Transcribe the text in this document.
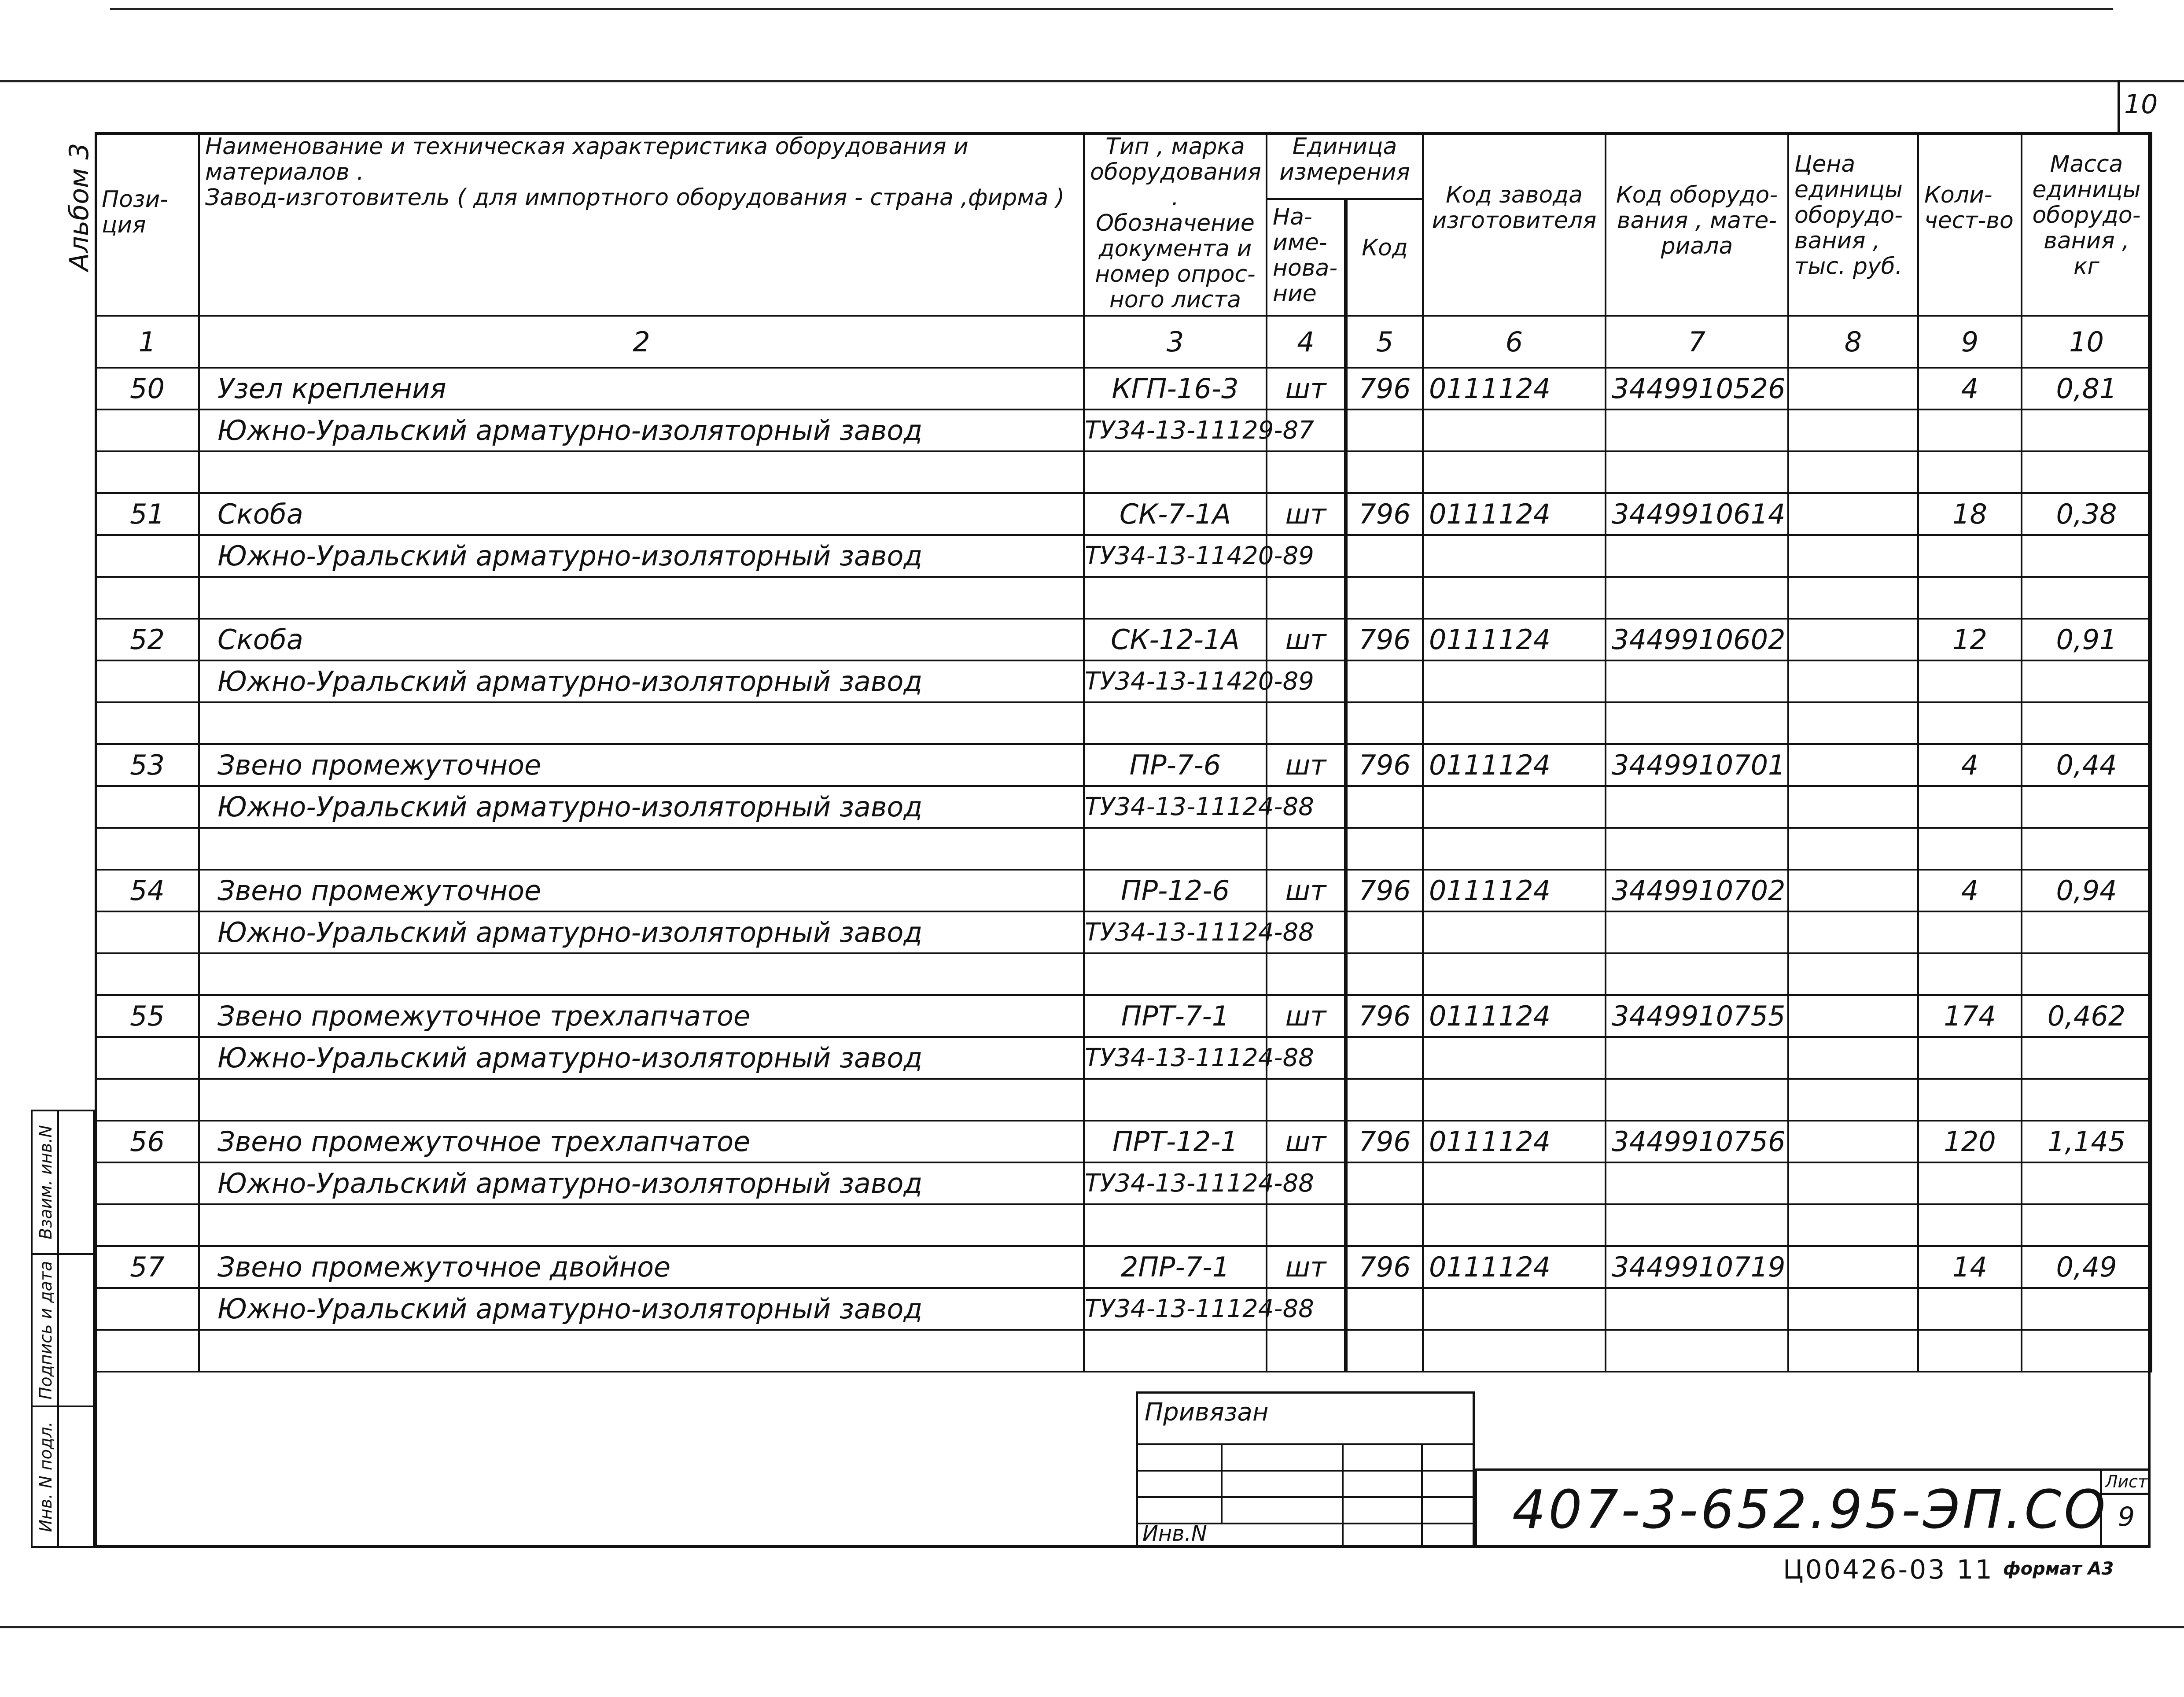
10
Альбом 3 Пози-ция	Наименование и техническая характеристика оборудования и материалов .
Завод-изготовитель ( для импортного оборудования - страна ,фирма )	Тип , марка оборудования . Обозначение документа и номер опрос-ного листа	Единица измерения		Код завода изготовителя	Код оборудо-вания , мате-риала	Цена единицы оборудо-вания , тыс. руб.	Коли-чест-во	Масса единицы оборудо-вания , кг
			На-име-нова-ние	Код					
1	2	3	4	5	6	7	8	9	10
50	Узел крепления	КГП-16-3	шт	796	0111124	3449910526		4	0,81
	Южно-Уральский арматурно-изоляторный завод	ТУ34-13-11129-87							

51	Скоба	СК-7-1А	шт	796	0111124	3449910614		18	0,38
	Южно-Уральский арматурно-изоляторный завод	ТУ34-13-11420-89							

52	Скоба	СК-12-1А	шт	796	0111124	3449910602		12	0,91
	Южно-Уральский арматурно-изоляторный завод	ТУ34-13-11420-89							

53	Звено промежуточное	ПР-7-6	шт	796	0111124	3449910701		4	0,44
	Южно-Уральский арматурно-изоляторный завод	ТУ34-13-11124-88							

54	Звено промежуточное	ПР-12-6	шт	796	0111124	3449910702		4	0,94
	Южно-Уральский арматурно-изоляторный завод	ТУ34-13-11124-88							

55	Звено промежуточное трехлапчатое	ПРТ-7-1	шт	796	0111124	3449910755		174	0,462
	Южно-Уральский арматурно-изоляторный завод	ТУ34-13-11124-88							

56	Звено промежуточное трехлапчатое	ПРТ-12-1	шт	796	0111124	3449910756		120	1,145
	Южно-Уральский арматурно-изоляторный завод	ТУ34-13-11124-88							

57	Звено промежуточное двойное	2ПР-7-1	шт	796	0111124	3449910719		14	0,49
	Южно-Уральский арматурно-изоляторный завод	ТУ34-13-11124-88							

Взаим. инв.N
Подпись и дата
Инв. N подл.
Привязан
Инв.N	407-3-652.95-ЭП.СО
Лист
9
Ц00426-03 11 формат А3
